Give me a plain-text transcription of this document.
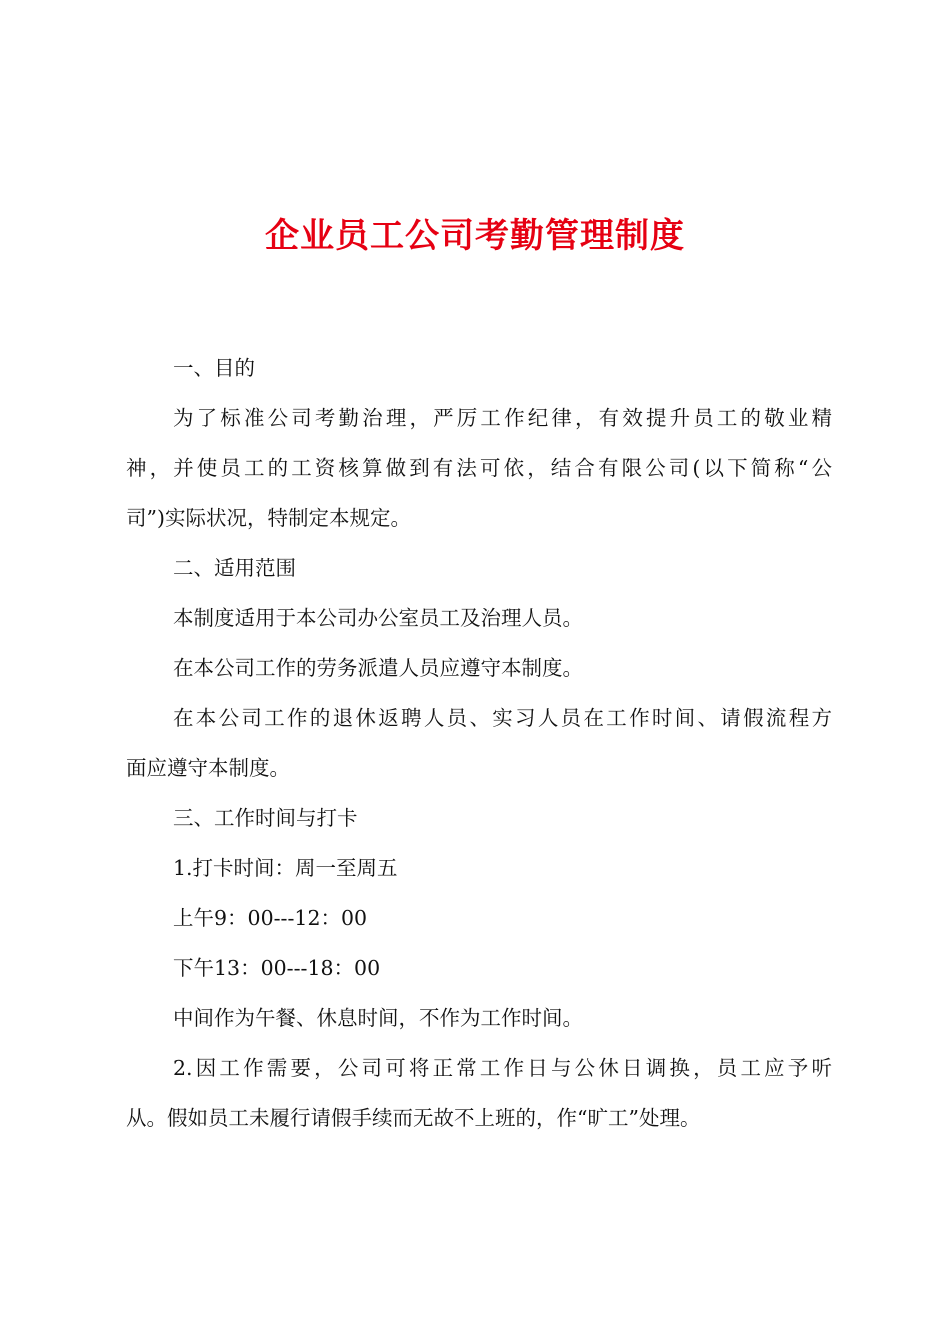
企业员工公司考勤管理制度
一、目的
为了标准公司考勤治理，严厉工作纪律，有效提升员工的敬业精
神，并使员工的工资核算做到有法可依，结合有限公司(以下简称“公
司”)实际状况，特制定本规定。
二、适用范围
本制度适用于本公司办公室员工及治理人员。
在本公司工作的劳务派遣人员应遵守本制度。
在本公司工作的退休返聘人员、实习人员在工作时间、请假流程方
面应遵守本制度。
三、工作时间与打卡
1.打卡时间：周一至周五
上午9：00---12：00
下午13：00---18：00
中间作为午餐、休息时间，不作为工作时间。
2.因工作需要，公司可将正常工作日与公休日调换，员工应予听
从。假如员工未履行请假手续而无故不上班的，作“旷工”处理。
